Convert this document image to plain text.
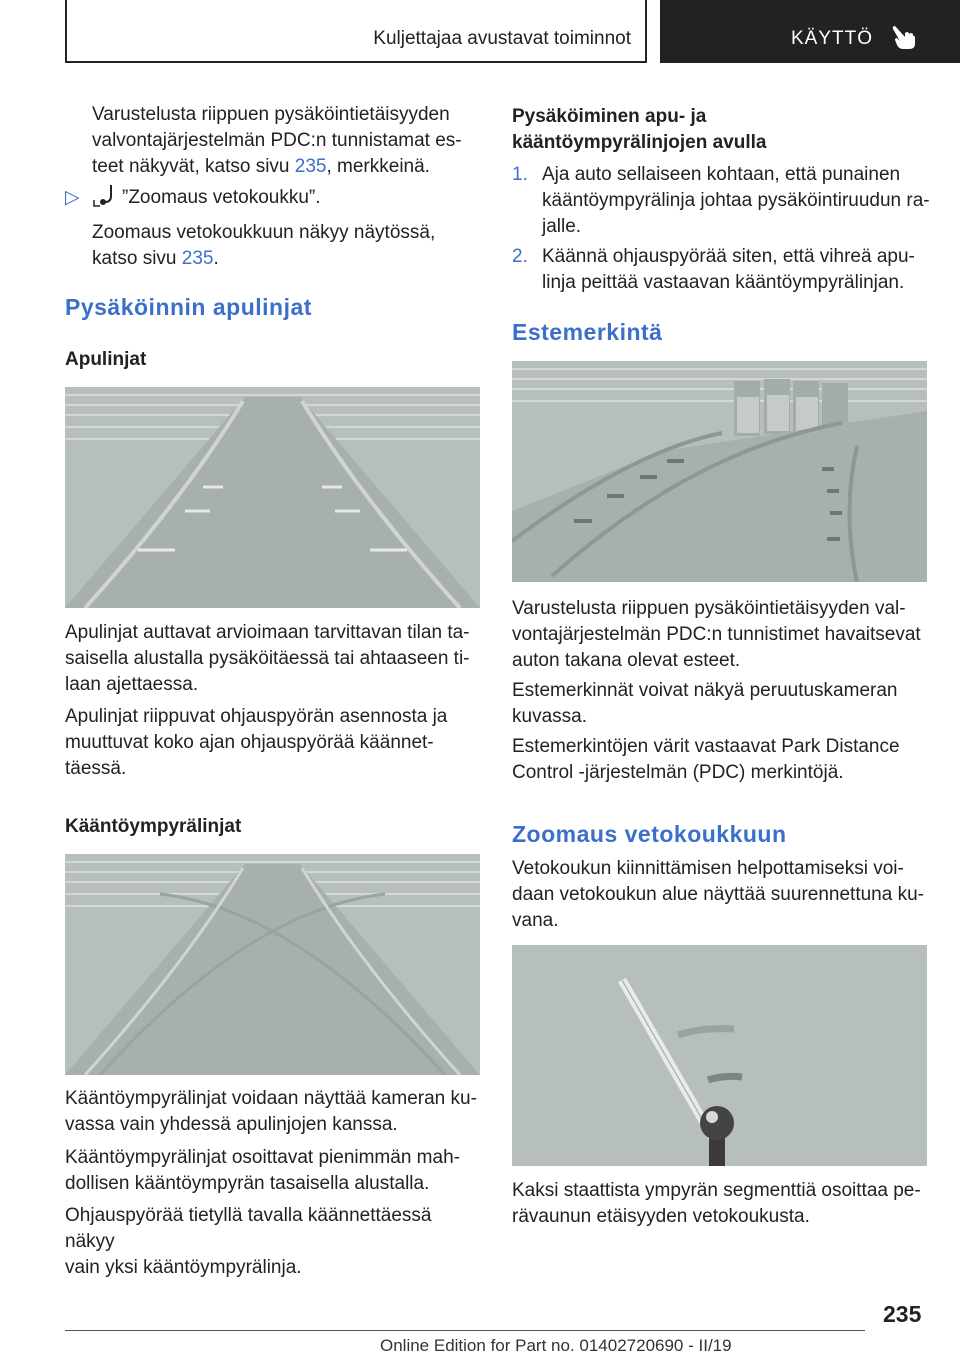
Kuljettajaa avustavat toiminnot	KÄYTTÖ

Varustelusta riippuen pysäköintietäisyyden

valvontajärjestelmän PDC:n tunnistamat es-

teet näkyvät, katso sivu 235, merkkeinä.

▷ ”Zoomaus vetokoukku”.

Zoomaus vetokoukkuun näkyy näytössä,

katso sivu 235.

Pysäköinnin apulinjat
Apulinjat

Apulinjat auttavat arvioimaan tarvittavan tilan ta-

saisella alustalla pysäköitäessä tai ahtaaseen ti-

laan ajettaessa.

Apulinjat riippuvat ohjauspyörän asennosta ja

muuttuvat koko ajan ohjauspyörää käännet-

täessä.

Kääntöympyrälinjat

Kääntöympyrälinjat voidaan näyttää kameran ku-

vassa vain yhdessä apulinjojen kanssa.

Kääntöympyrälinjat osoittavat pienimmän mah-

dollisen kääntöympyrän tasaisella alustalla.

Ohjauspyörää tietyllä tavalla käännettäessä näkyy

vain yksi kääntöympyrälinja.

Pysäköiminen apu- ja
kääntöympyrälinjojen avulla
1. Aja auto sellaiseen kohtaan, että punainen

kääntöympyrälinja johtaa pysäköintiruudun ra-

jalle.

2. Käännä ohjauspyörää siten, että vihreä apu-

linja peittää vastaavan kääntöympyrälinjan.

Estemerkintä

Varustelusta riippuen pysäköintietäisyyden val-

vontajärjestelmän PDC:n tunnistimet havaitsevat

auton takana olevat esteet.

Estemerkinnät voivat näkyä peruutuskameran

kuvassa.

Estemerkintöjen värit vastaavat Park Distance

Control -järjestelmän (PDC) merkintöjä.

Zoomaus vetokoukkuun

Vetokoukun kiinnittämisen helpottamiseksi voi-

daan vetokoukun alue näyttää suurennettuna ku-

vana.

Kaksi staattista ympyrän segmenttiä osoittaa pe-

rävaunun etäisyyden vetokoukusta.

235
Online Edition for Part no. 01402720690 - II/19
